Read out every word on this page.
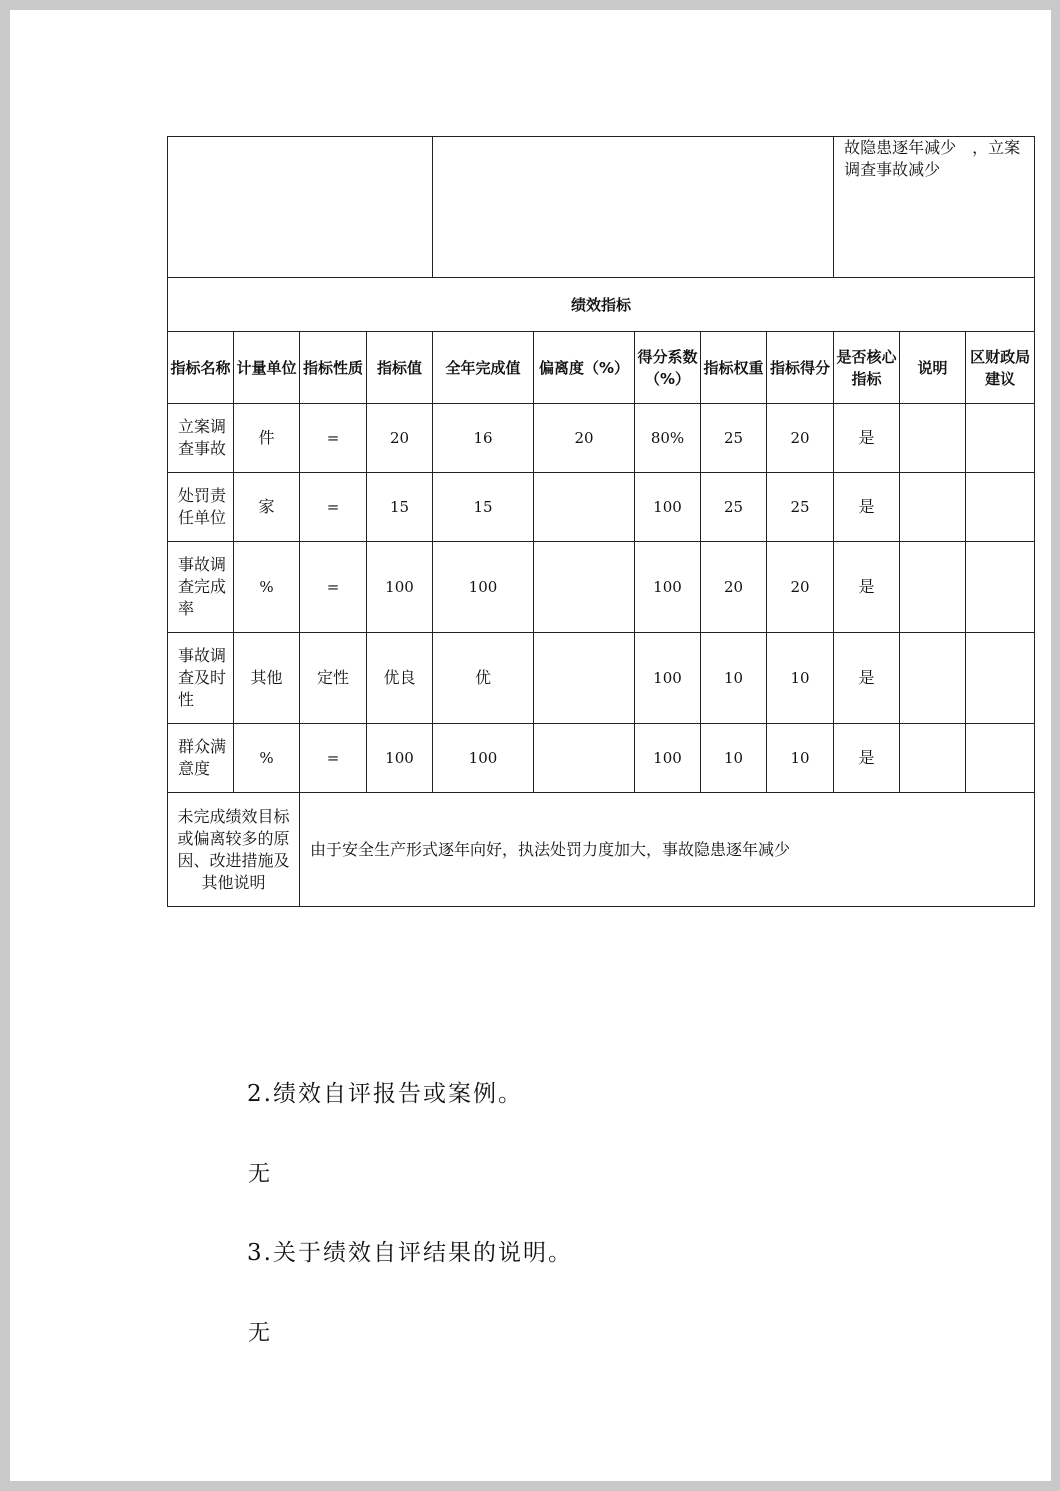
									故隐患逐年减少　，立案调查事故减少		
绩效指标											
指标名称	计量单位	指标性质	指标值	全年完成值	偏离度（%）	得分系数（%）	指标权重	指标得分	是否核心指标	说明	区财政局建议
立案调查事故	件	=	20	16	20	80%	25	20	是		
处罚责任单位	家	=	15	15		100	25	25	是		
事故调查完成率	%	=	100	100		100	20	20	是		
事故调查及时性	其他	定性	优良	优		100	10	10	是		
群众满意度	%	=	100	100		100	10	10	是		
未完成绩效目标或偏离较多的原因、改进措施及其他说明		由于安全生产形式逐年向好，执法处罚力度加大，事故隐患逐年减少									
2.绩效自评报告或案例。
无
3.关于绩效自评结果的说明。
无
